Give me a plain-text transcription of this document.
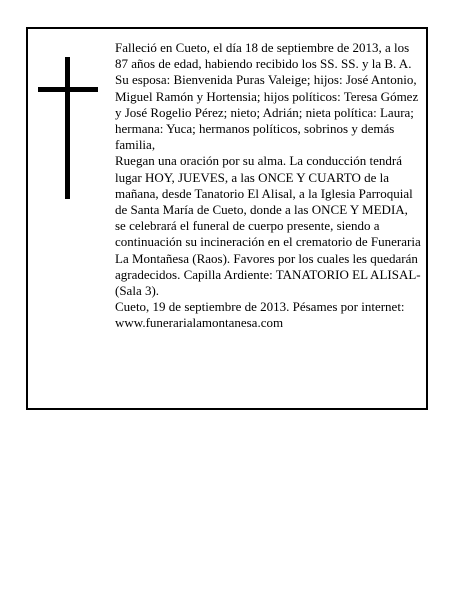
Falleció en Cueto, el día 18 de septiembre de 2013, a los 87 años de edad, habiendo recibido los SS. SS. y la B. A.

Su esposa: Bienvenida Puras Valeige; hijos: José Antonio, Miguel Ramón y Hortensia; hijos políticos: Teresa Gómez y José Rogelio Pérez; nieto; Adrián; nieta política: Laura; hermana: Yuca; hermanos políticos, sobrinos y demás familia,

Ruegan una oración por su alma. La conducción tendrá lugar HOY, JUEVES, a las ONCE Y CUARTO de la mañana, desde Tanatorio El Alisal, a la Iglesia Parroquial de Santa María de Cueto, donde a las ONCE Y MEDIA, se celebrará el funeral de cuerpo presente, siendo a continuación su incineración en el crematorio de Funeraria La Montañesa (Raos). Favores por los cuales les quedarán agradecidos. Capilla Ardiente: TANATORIO EL ALISAL-(Sala 3).

Cueto, 19 de septiembre de 2013. Pésames por internet: www.funerarialamontanesa.com
